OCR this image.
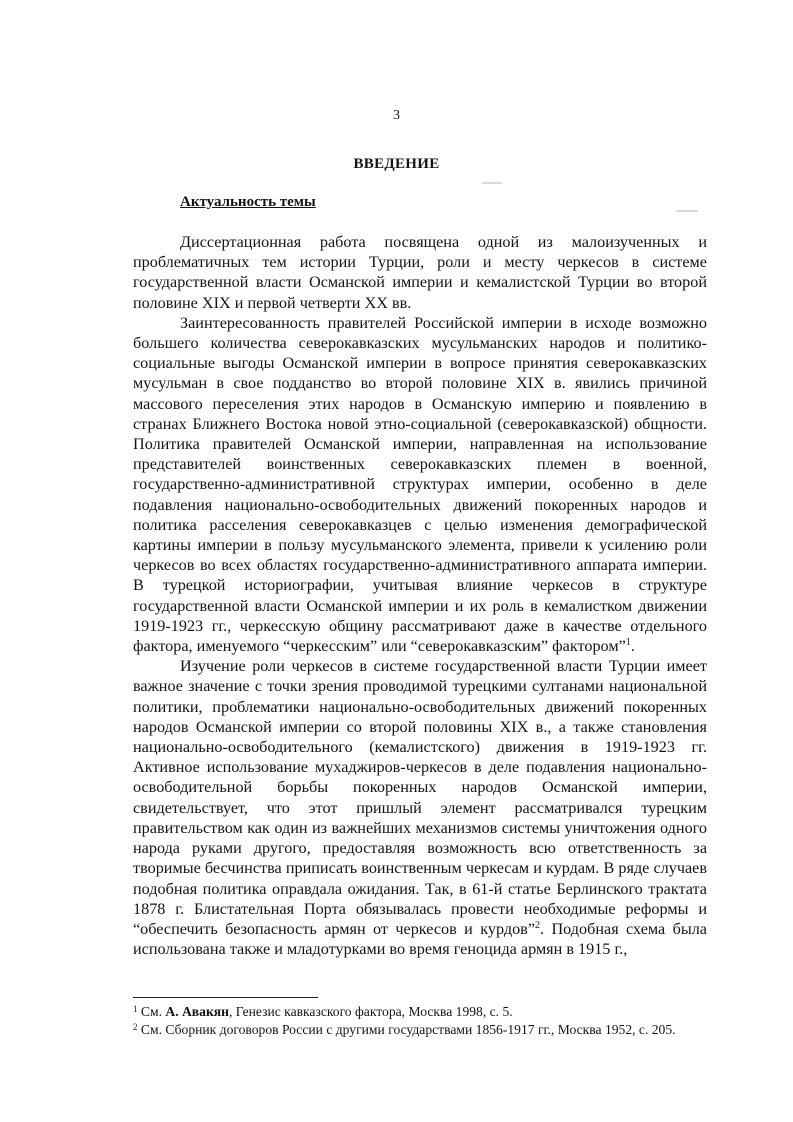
3
ВВЕДЕНИЕ
Актуальность темы

Диссертационная работа посвящена одной из малоизученных и проблематичных тем истории Турции, роли и месту черкесов в системе государственной власти Османской империи и кемалистской Турции во второй половине XIX и первой четверти XX вв.

Заинтересованность правителей Российской империи в исходе возможно большего количества северокавказских мусульманских народов и политико-социальные выгоды Османской империи в вопросе принятия северокавказских мусульман в свое подданство во второй половине XIX в. явились причиной массового переселения этих народов в Османскую империю и появлению в странах Ближнего Востока новой этно-социальной (северокавказской) общности. Политика правителей Османской империи, направленная на использование представителей воинственных северокавказских племен в военной, государственно-административной структурах империи, особенно в деле подавления национально-освободительных движений покоренных народов и политика расселения северокавказцев с целью изменения демографической картины империи в пользу мусульманского элемента, привели к усилению роли черкесов во всех областях государственно-административного аппарата империи. В турецкой историографии, учитывая влияние черкесов в структуре государственной власти Османской империи и их роль в кемалистком движении 1919-1923 гг., черкесскую общину рассматривают даже в качестве отдельного фактора, именуемого “черкесским” или “северокавказским” фактором”$^1$.

Изучение роли черкесов в системе государственной власти Турции имеет важное значение с точки зрения проводимой турецкими султанами национальной политики, проблематики национально-освободительных движений покоренных народов Османской империи со второй половины XIX в., а также становления национально-освободительного (кемалистского) движения в 1919-1923 гг. Активное использование мухаджиров-черкесов в деле подавления национально-освободительной борьбы покоренных народов Османской империи, свидетельствует, что этот пришлый элемент рассматривался турецким правительством как один из важнейших механизмов системы уничтожения одного народа руками другого, предоставляя возможность всю ответственность за творимые бесчинства приписать воинственным черкесам и курдам. В ряде случаев подобная политика оправдала ожидания. Так, в 61-й статье Берлинского трактата 1878 г. Блистательная Порта обязывалась провести необходимые реформы и “обеспечить безопасность армян от черкесов и курдов”$^2$. Подобная схема была использована также и младотурками во время геноцида армян в 1915 г.,

$^1$ См. А. Авакян, Генезис кавказского фактора, Москва 1998, с. 5.
$^2$ См. Сборник договоров России с другими государствами 1856-1917 гг., Москва 1952, с. 205.
